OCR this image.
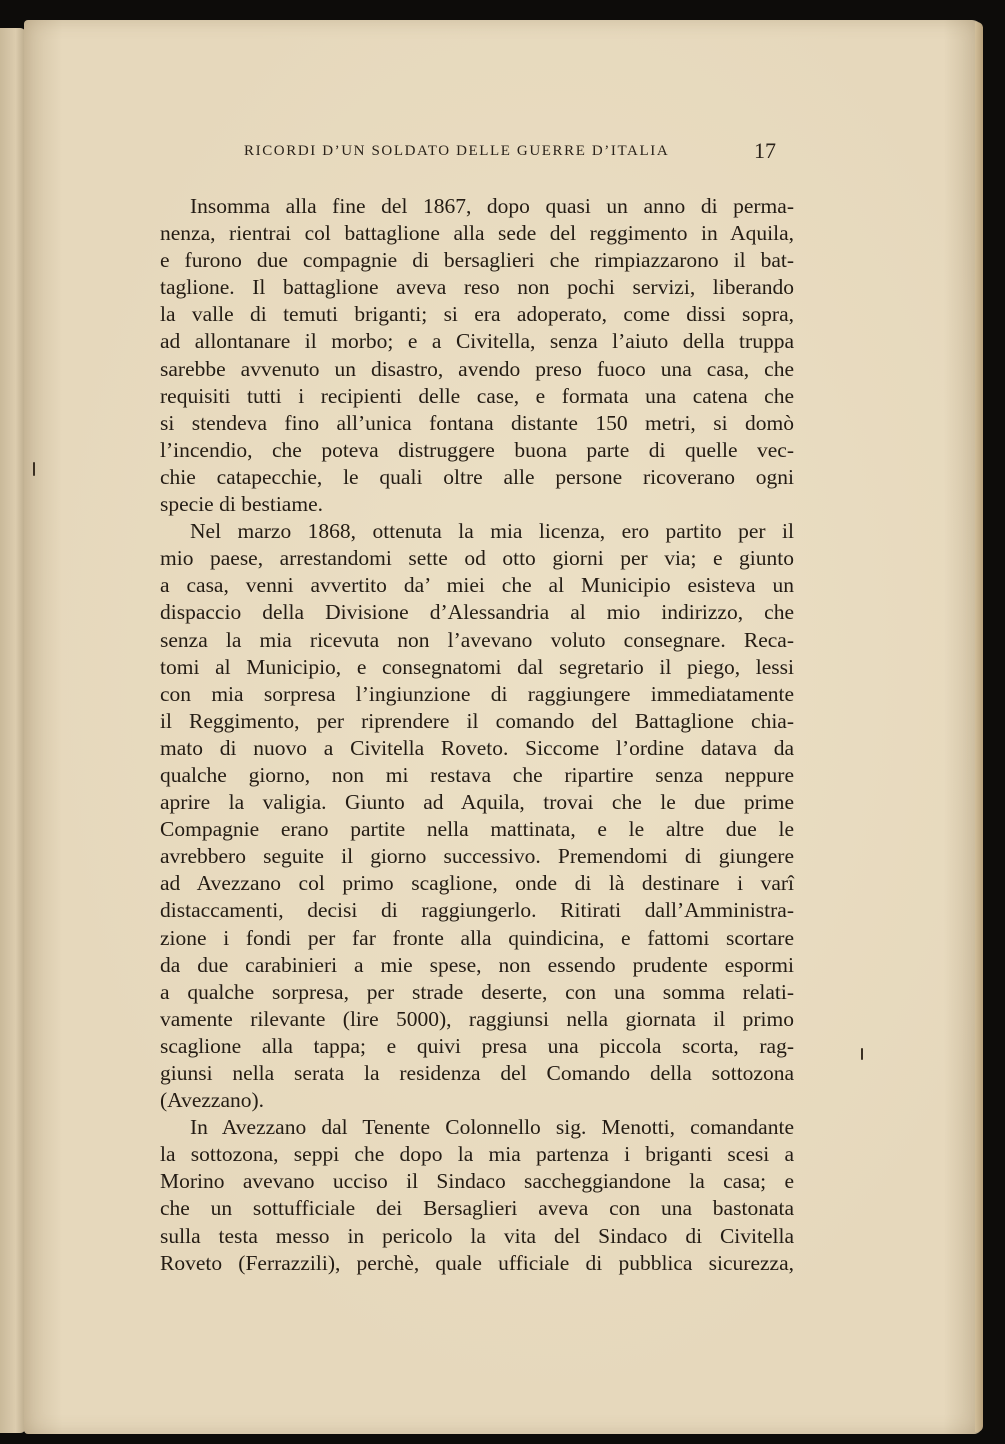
RICORDI D’UN SOLDATO DELLE GUERRE D’ITALIA	17
Insomma alla fine del 1867, dopo quasi un anno di perma-
nenza, rientrai col battaglione alla sede del reggimento in Aquila,
e furono due compagnie di bersaglieri che rimpiazzarono il bat-
taglione. Il battaglione aveva reso non pochi servizi, liberando
la valle di temuti briganti; si era adoperato, come dissi sopra,
ad allontanare il morbo; e a Civitella, senza l’aiuto della truppa
sarebbe avvenuto un disastro, avendo preso fuoco una casa, che
requisiti tutti i recipienti delle case, e formata una catena che
si stendeva fino all’unica fontana distante 150 metri, si domò
l’incendio, che poteva distruggere buona parte di quelle vec-
chie catapecchie, le quali oltre alle persone ricoverano ogni
specie di bestiame.
Nel marzo 1868, ottenuta la mia licenza, ero partito per il
mio paese, arrestandomi sette od otto giorni per via; e giunto
a casa, venni avvertito da’ miei che al Municipio esisteva un
dispaccio della Divisione d’Alessandria al mio indirizzo, che
senza la mia ricevuta non l’avevano voluto consegnare. Reca-
tomi al Municipio, e consegnatomi dal segretario il piego, lessi
con mia sorpresa l’ingiunzione di raggiungere immediatamente
il Reggimento, per riprendere il comando del Battaglione chia-
mato di nuovo a Civitella Roveto. Siccome l’ordine datava da
qualche giorno, non mi restava che ripartire senza neppure
aprire la valigia. Giunto ad Aquila, trovai che le due prime
Compagnie erano partite nella mattinata, e le altre due le
avrebbero seguite il giorno successivo. Premendomi di giungere
ad Avezzano col primo scaglione, onde di là destinare i varî
distaccamenti, decisi di raggiungerlo. Ritirati dall’Amministra-
zione i fondi per far fronte alla quindicina, e fattomi scortare
da due carabinieri a mie spese, non essendo prudente espormi
a qualche sorpresa, per strade deserte, con una somma relati-
vamente rilevante (lire 5000), raggiunsi nella giornata il primo
scaglione alla tappa; e quivi presa una piccola scorta, rag-
giunsi nella serata la residenza del Comando della sottozona
(Avezzano).
In Avezzano dal Tenente Colonnello sig. Menotti, comandante
la sottozona, seppi che dopo la mia partenza i briganti scesi a
Morino avevano ucciso il Sindaco saccheggiandone la casa; e
che un sottufficiale dei Bersaglieri aveva con una bastonata
sulla testa messo in pericolo la vita del Sindaco di Civitella
Roveto (Ferrazzili), perchè, quale ufficiale di pubblica sicurezza,
